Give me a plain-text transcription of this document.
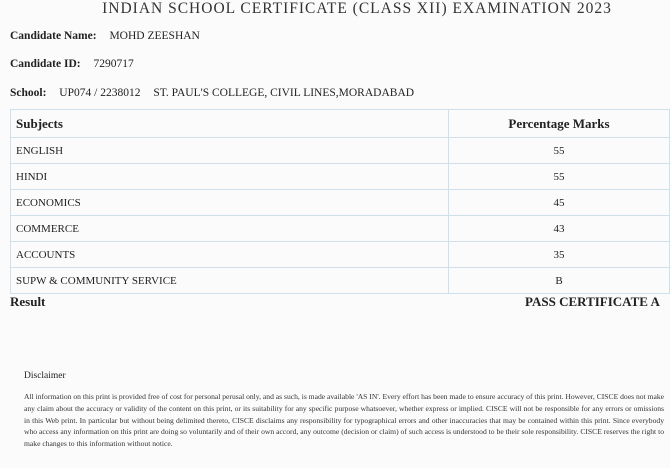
INDIAN SCHOOL CERTIFICATE (CLASS XII) EXAMINATION 2023
Candidate Name: MOHD ZEESHAN
Candidate ID: 7290717
School: UP074 / 2238012 ST. PAUL'S COLLEGE, CIVIL LINES,MORADABAD
Subjects	Percentage Marks
ENGLISH	55
HINDI	55
ECONOMICS	45
COMMERCE	43
ACCOUNTS	35
SUPW & COMMUNITY SERVICE	B
Result	PASS CERTIFICATE A
Disclaimer
All information on this print is provided free of cost for personal perusal only, and as such, is made available 'AS IN'. Every effort has been made to ensure accuracy of this print. However, CISCE does not make any claim about the accuracy or validity of the content on this print, or its suitability for any specific purpose whatsoever, whether express or implied. CISCE will not be responsible for any errors or omissions in this Web print. In particular but without being delimited thereto, CISCE disclaims any responsibility for typographical errors and other inaccuracies that may be contained within this print. Since everybody who access any information on this print are doing so voluntarily and of their own accord, any outcome (decision or claim) of such access is understood to be their sole responsibility. CISCE reserves the right to make changes to this information without notice.
